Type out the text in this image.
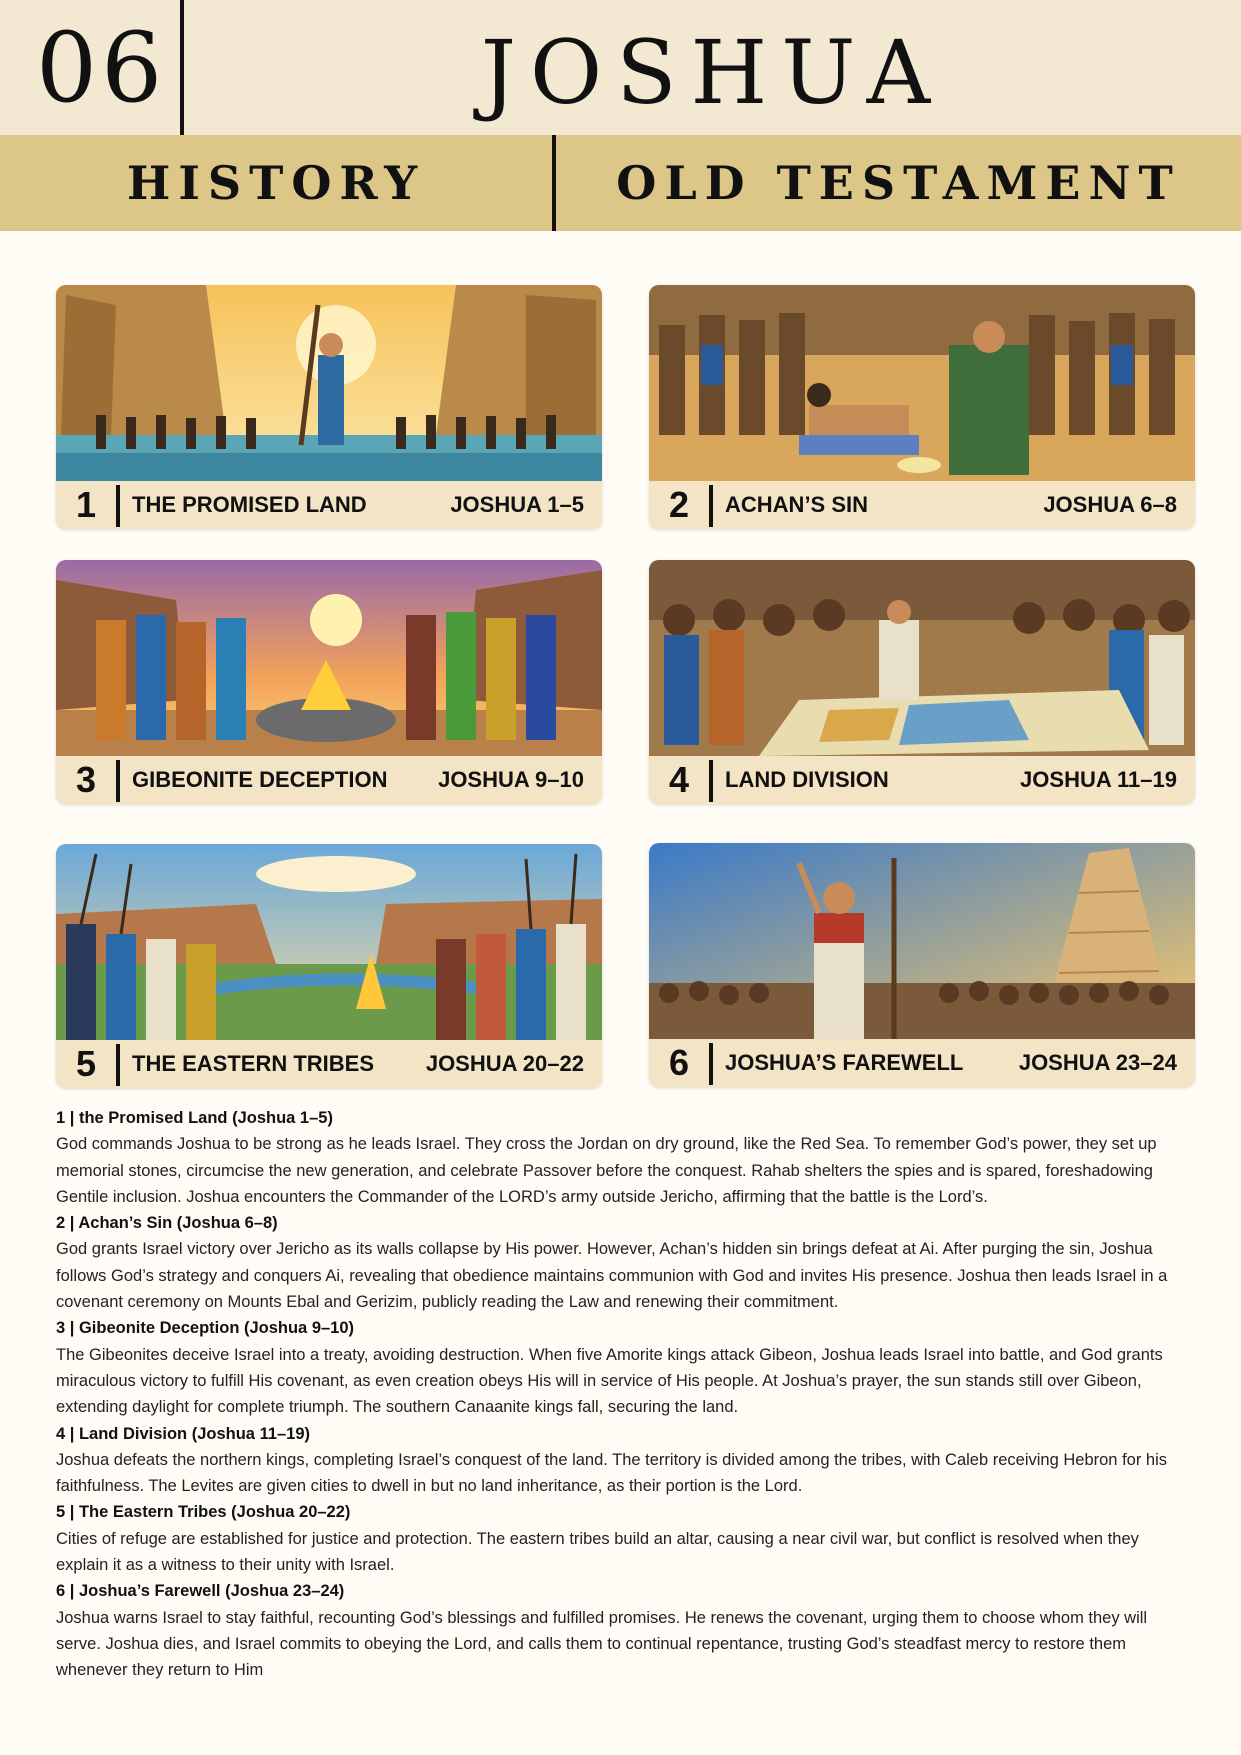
06	JOSHUA
HISTORY	OLD TESTAMENT
1	THE PROMISED LAND	JOSHUA 1–5	2	ACHAN’S SIN	JOSHUA 6–8
3	GIBEONITE DECEPTION	JOSHUA 9–10	4	LAND DIVISION	JOSHUA 11–19
5	THE EASTERN TRIBES	JOSHUA 20–22	6	JOSHUA’S FAREWELL	JOSHUA 23–24

1 | the Promised Land (Joshua 1–5)

God commands Joshua to be strong as he leads Israel. They cross the Jordan on dry ground, like the Red Sea. To remember God’s power, they set up memorial stones, circumcise the new generation, and celebrate Passover before the conquest. Rahab shelters the spies and is spared, foreshadowing Gentile inclusion. Joshua encounters the Commander of the LORD’s army outside Jericho, affirming that the battle is the Lord’s.

2 | Achan’s Sin (Joshua 6–8)

God grants Israel victory over Jericho as its walls collapse by His power. However, Achan’s hidden sin brings defeat at Ai. After purging the sin, Joshua follows God’s strategy and conquers Ai, revealing that obedience maintains communion with God and invites His presence. Joshua then leads Israel in a covenant ceremony on Mounts Ebal and Gerizim, publicly reading the Law and renewing their commitment.

3 | Gibeonite Deception (Joshua 9–10)

The Gibeonites deceive Israel into a treaty, avoiding destruction. When five Amorite kings attack Gibeon, Joshua leads Israel into battle, and God grants miraculous victory to fulfill His covenant, as even creation obeys His will in service of His people. At Joshua’s prayer, the sun stands still over Gibeon, extending daylight for complete triumph. The southern Canaanite kings fall, securing the land.

4 | Land Division (Joshua 11–19)

Joshua defeats the northern kings, completing Israel’s conquest of the land. The territory is divided among the tribes, with Caleb receiving Hebron for his faithfulness. The Levites are given cities to dwell in but no land inheritance, as their portion is the Lord.

5 | The Eastern Tribes (Joshua 20–22)

Cities of refuge are established for justice and protection. The eastern tribes build an altar, causing a near civil war, but conflict is resolved when they explain it as a witness to their unity with Israel.

6 | Joshua’s Farewell (Joshua 23–24)

Joshua warns Israel to stay faithful, recounting God’s blessings and fulfilled promises. He renews the covenant, urging them to choose whom they will serve. Joshua dies, and Israel commits to obeying the Lord, and calls them to continual repentance, trusting God’s steadfast mercy to restore them whenever they return to Him
